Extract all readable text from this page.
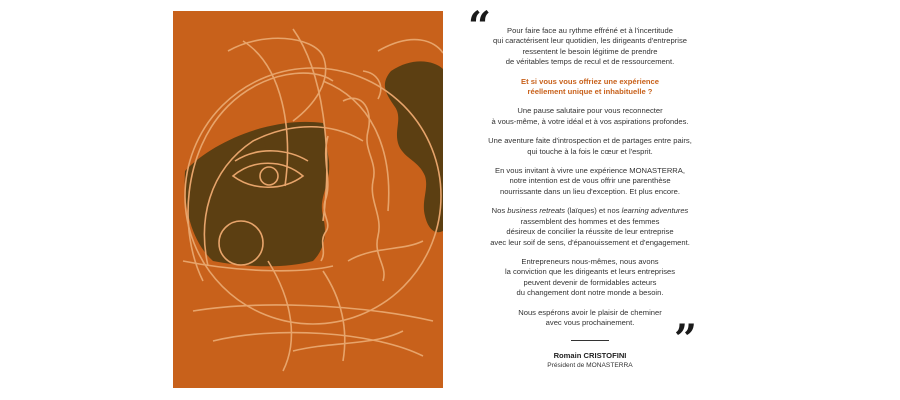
“	Pour faire face au rythme effréné et à l'incertitude
qui caractérisent leur quotidien, les dirigeants d'entreprise
ressentent le besoin légitime de prendre
de véritables temps de recul et de ressourcement.
Et si vous vous offriez une expérience
réellement unique et inhabituelle ?
Une pause salutaire pour vous reconnecter
à vous-même, à votre idéal et à vos aspirations profondes.
Une aventure faite d'introspection et de partages entre pairs,
qui touche à la fois le cœur et l'esprit.
En vous invitant à vivre une expérience MONASTERRA,
notre intention est de vous offrir une parenthèse
nourrissante dans un lieu d'exception. Et plus encore.
Nos business retreats (laïques) et nos learning adventures
rassemblent des hommes et des femmes
désireux de concilier la réussite de leur entreprise
avec leur soif de sens, d'épanouissement et d'engagement.
Entrepreneurs nous-mêmes, nous avons
la conviction que les dirigeants et leurs entreprises
peuvent devenir de formidables acteurs
du changement dont notre monde a besoin.
Nous espérons avoir le plaisir de cheminer
avec vous prochainement.
Romain CRISTOFINI
Président de MONASTERRA
”
